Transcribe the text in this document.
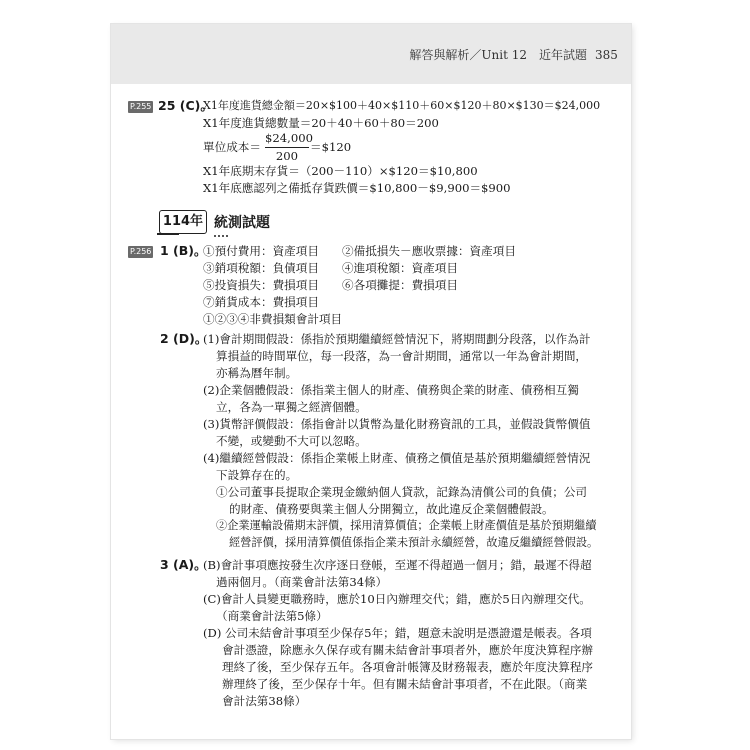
解答與解析／Unit 12　近年試題 385
P.255 25 (C)。
X1年度進貨總金額＝20×$100＋40×$110＋60×$120＋80×$130＝$24,000
X1年度進貨總數量＝20＋40＋60＋80＝200
單位成本＝
$24,000
200
＝$120
X1年底期末存貨＝（200－110）×$120＝$10,800
X1年底應認列之備抵存貨跌價＝$10,800－$9,900＝$900
114年 統測試題
P.256 1 (B)。
①預付費用：資產項目 ②備抵損失－應收票據：資產項目
③銷項稅額：負債項目 ④進項稅額：資產項目
⑤投資損失：費損項目 ⑥各項攤提：費損項目
⑦銷貨成本：費損項目
①②③④非費損類會計項目
2 (D)。
(1)會計期間假設：係指於預期繼續經營情況下，將期間劃分段落，以作為計
算損益的時間單位，每一段落，為一會計期間，通常以一年為會計期間，
亦稱為曆年制。
(2)企業個體假設：係指業主個人的財產、債務與企業的財產、債務相互獨
立，各為一單獨之經濟個體。
(3)貨幣評價假設：係指會計以貨幣為量化財務資訊的工具，並假設貨幣價值
不變，或變動不大可以忽略。
(4)繼續經營假設：係指企業帳上財產、債務之價值是基於預期繼續經營情況
下設算存在的。
①公司董事長提取企業現金繳納個人貸款，記錄為清償公司的負債；公司
的財產、債務要與業主個人分開獨立，故此違反企業個體假設。
②企業運輸設備期末評價，採用清算價值；企業帳上財產價值是基於預期繼續
經營評價，採用清算價值係指企業未預計永續經營，故違反繼續經營假設。
3 (A)。
(B)會計事項應按發生次序逐日登帳，至遲不得超過一個月；錯，最遲不得超
過兩個月。（商業會計法第34條）
(C)會計人員變更職務時，應於10日內辦理交代；錯，應於5日內辦理交代。
（商業會計法第5條）
(D) 公司未結會計事項至少保存5年；錯，題意未說明是憑證還是帳表。各項
會計憑證，除應永久保存或有關未結會計事項者外，應於年度決算程序辦
理終了後，至少保存五年。各項會計帳簿及財務報表，應於年度決算程序
辦理終了後，至少保存十年。但有關未結會計事項者，不在此限。（商業
會計法第38條）
